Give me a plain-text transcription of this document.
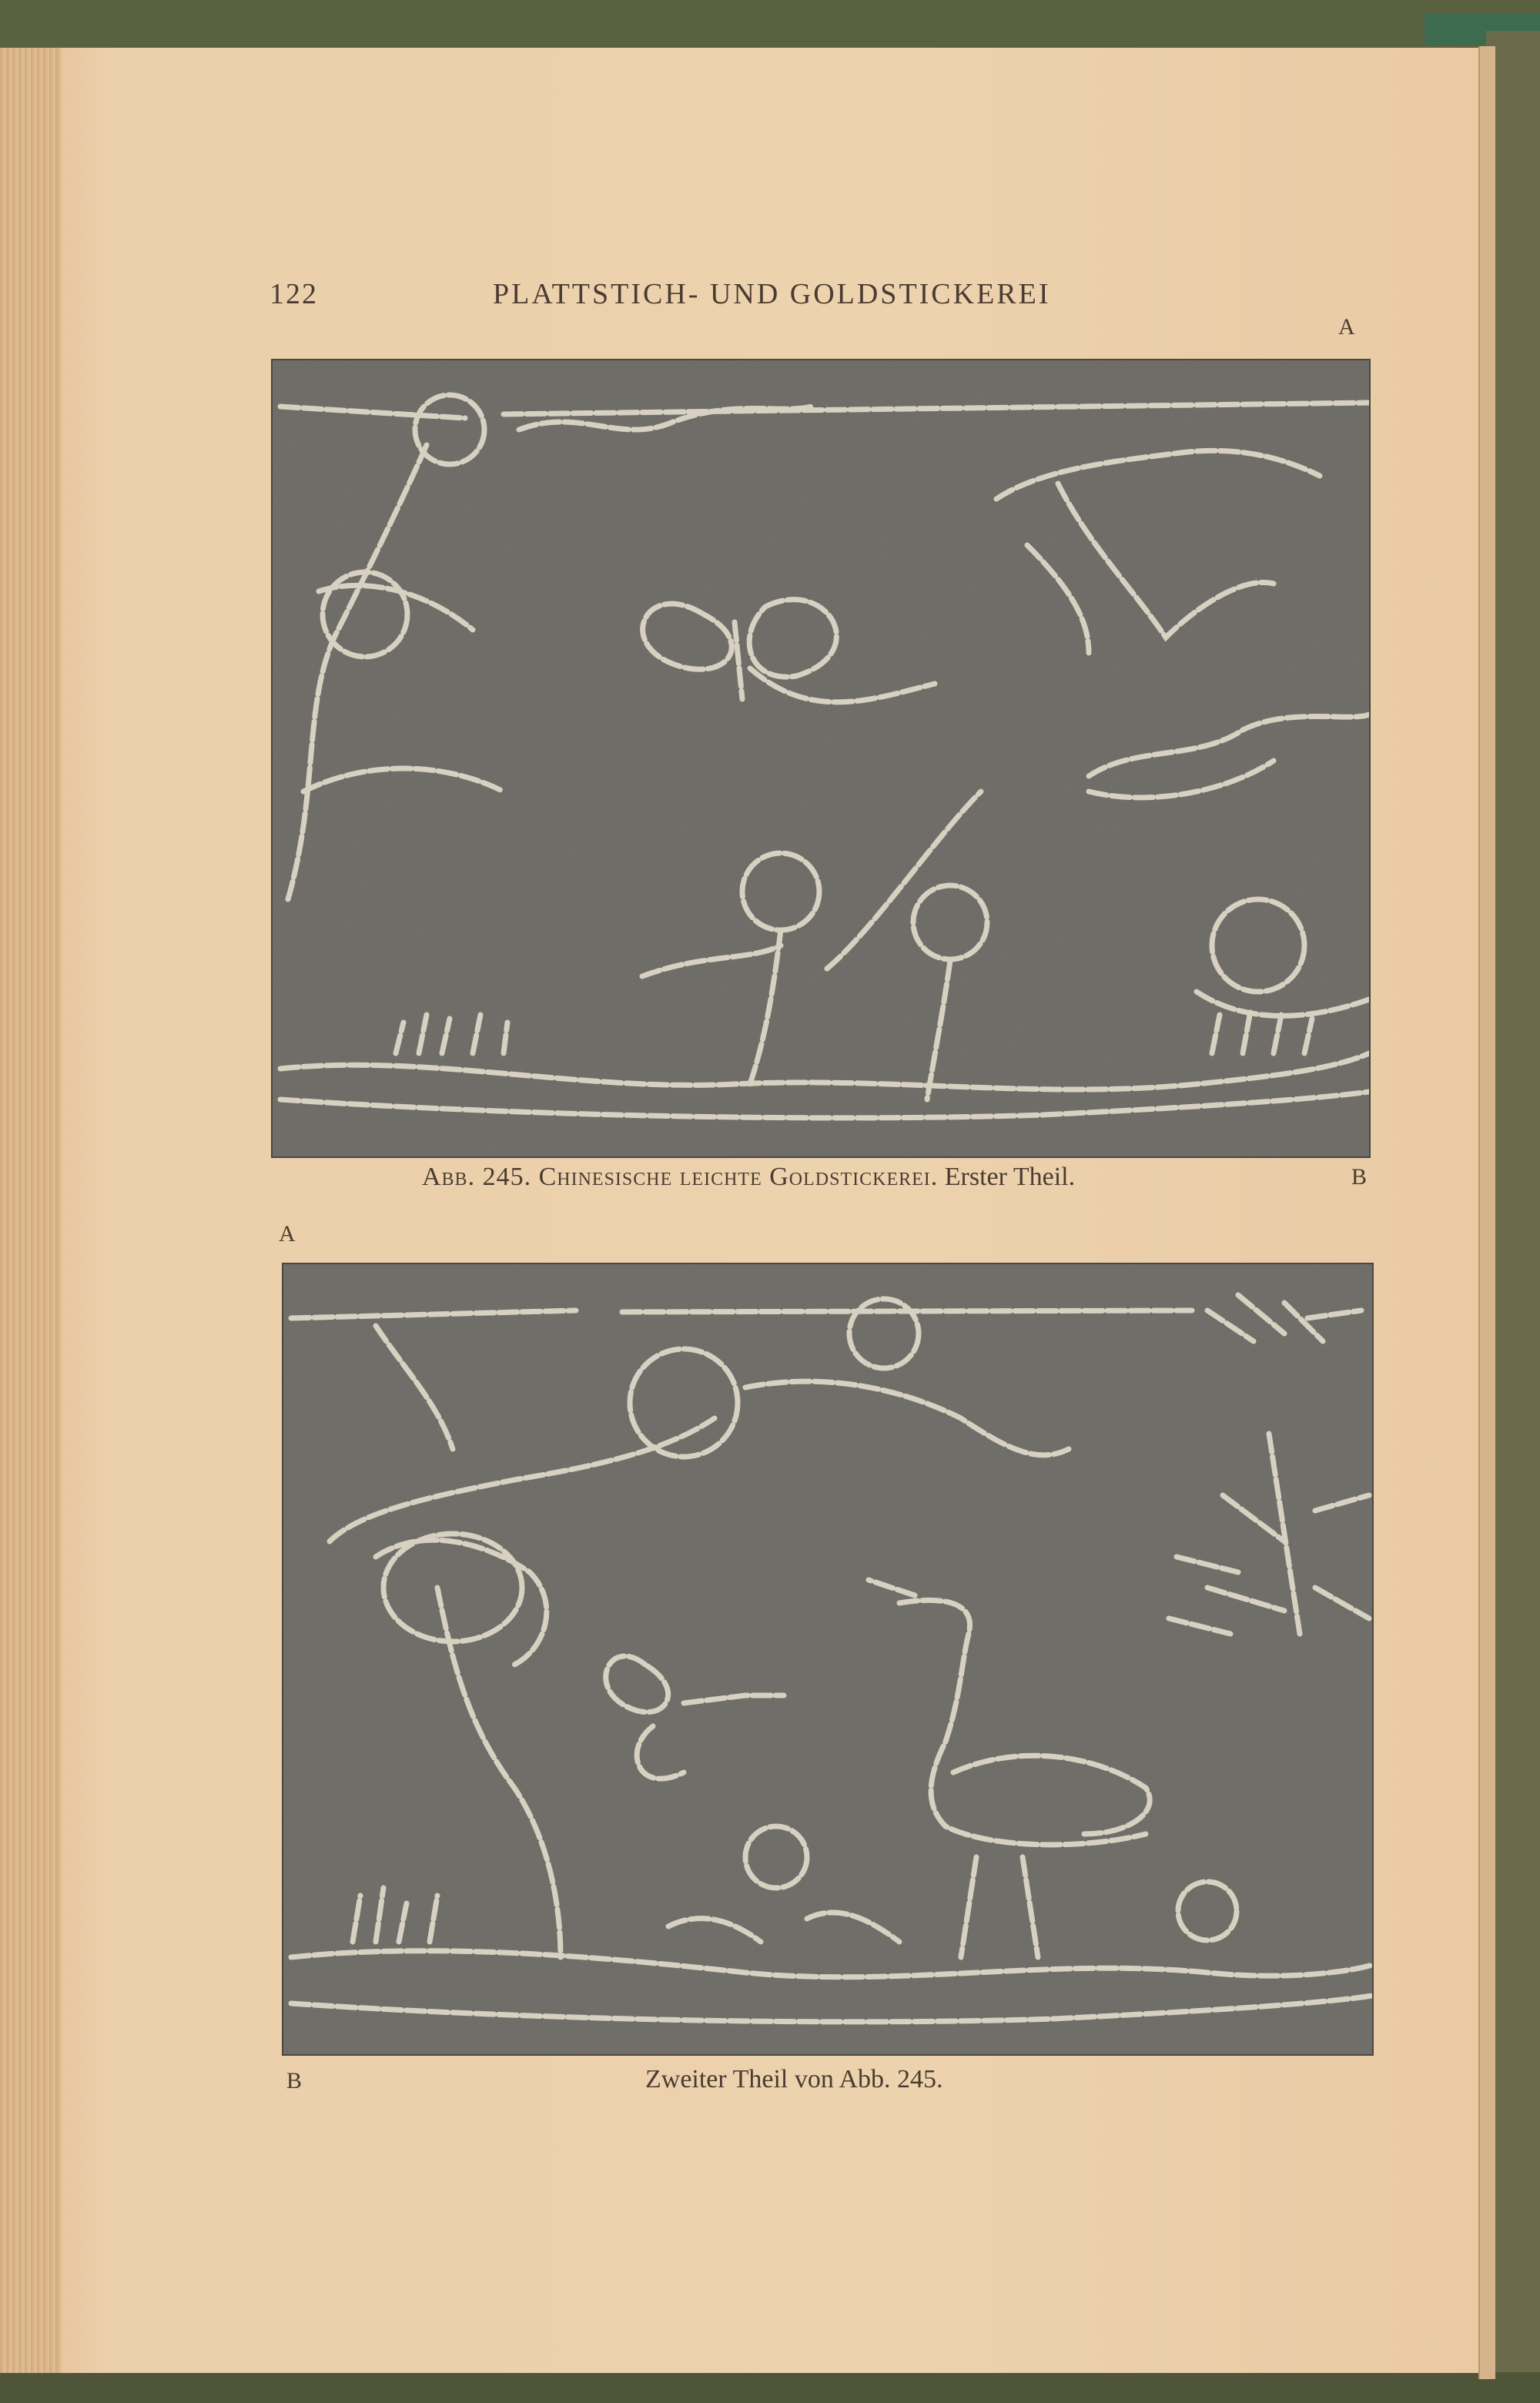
122	PLATTSTICH- UND GOLDSTICKEREI
A
B
Abb. 245. Chinesische leichte Goldstickerei. Erster Theil.
A
B	Zweiter Theil von Abb. 245.
